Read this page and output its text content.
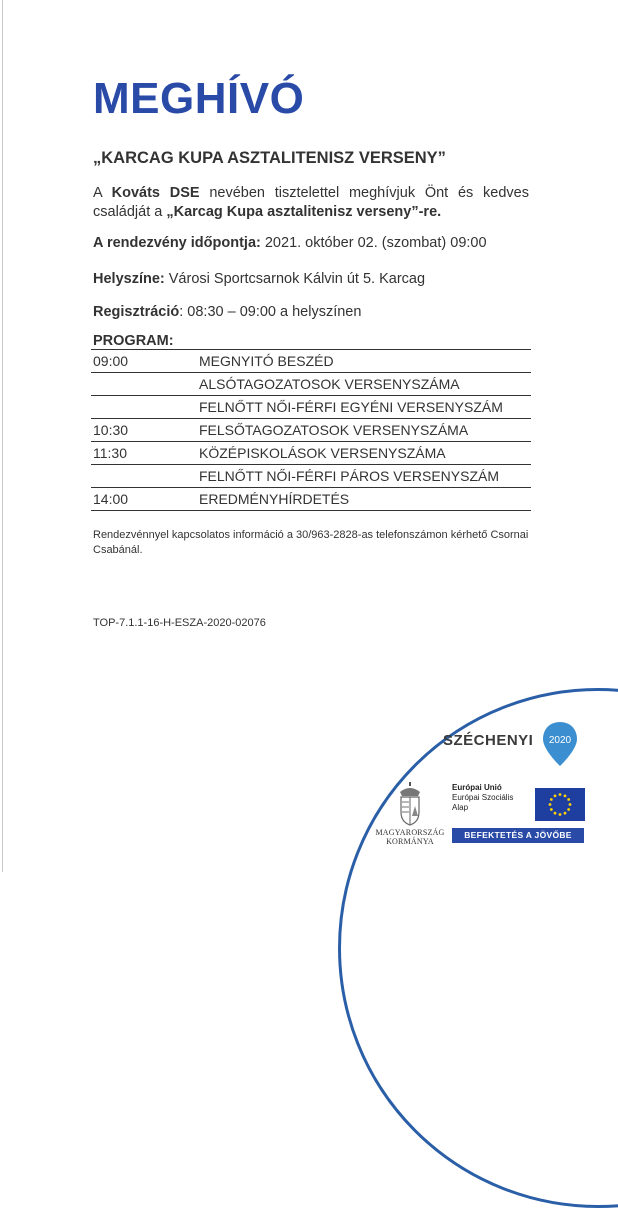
MEGHÍVÓ
„KARCAG KUPA ASZTALITENISZ VERSENY”
A Kováts DSE nevében tisztelettel meghívjuk Önt és kedves családját a „Karcag Kupa asztalitenisz verseny”-re.
A rendezvény időpontja: 2021. október 02. (szombat) 09:00
Helyszíne: Városi Sportcsarnok Kálvin út 5. Karcag
Regisztráció: 08:30 – 09:00 a helyszínen
PROGRAM:
09:00	MEGNYITÓ BESZÉD
	ALSÓTAGOZATOSOK VERSENYSZÁMA
	FELNŐTT NŐI-FÉRFI EGYÉNI VERSENYSZÁM
10:30	FELSŐTAGOZATOSOK VERSENYSZÁMA
11:30	KÖZÉPISKOLÁSOK VERSENYSZÁMA
	FELNŐTT NŐI-FÉRFI PÁROS VERSENYSZÁM
14:00	EREDMÉNYHÍRDETÉS
Rendezvénnyel kapcsolatos információ a 30/963-2828-as telefonszámon kérhető Csornai Csabánál.
TOP-7.1.1-16-H-ESZA-2020-02076
SZÉCHENYI 2020
MAGYARORSZÁG
KORMÁNYA
Európai Unió
Európai Szociális
Alap
BEFEKTETÉS A JÖVŐBE
